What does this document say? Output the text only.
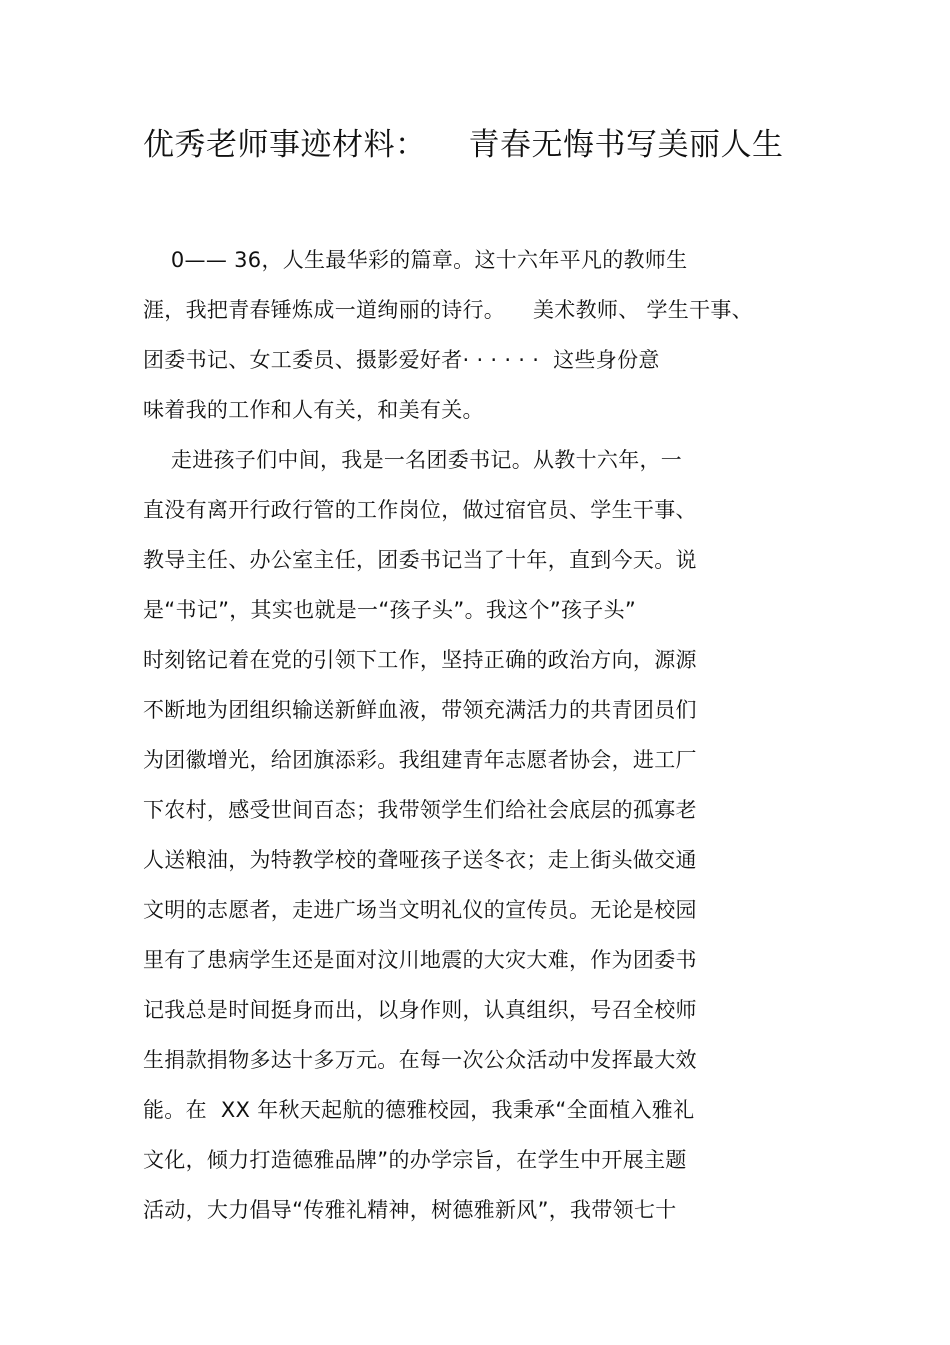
优秀老师事迹材料： 青春无悔书写美丽人生
0—— 36，人生最华彩的篇章。这十六年平凡的教师生
涯，我把青春锤炼成一道绚丽的诗行。    美术教师、 学生干事、
团委书记、女工委员、摄影爱好者· · · · · ·  这些身份意
味着我的工作和人有关，和美有关。
走进孩子们中间，我是一名团委书记。从教十六年，一
直没有离开行政行管的工作岗位，做过宿官员、学生干事、
教导主任、办公室主任，团委书记当了十年，直到今天。说
是“书记”，其实也就是一“孩子头”。我这个”孩子头”
时刻铭记着在党的引领下工作，坚持正确的政治方向，源源
不断地为团组织输送新鲜血液，带领充满活力的共青团员们
为团徽增光，给团旗添彩。我组建青年志愿者协会，进工厂
下农村，感受世间百态；我带领学生们给社会底层的孤寡老
人送粮油，为特教学校的聋哑孩子送冬衣；走上街头做交通
文明的志愿者，走进广场当文明礼仪的宣传员。无论是校园
里有了患病学生还是面对汶川地震的大灾大难，作为团委书
记我总是时间挺身而出，以身作则，认真组织，号召全校师
生捐款捐物多达十多万元。在每一次公众活动中发挥最大效
能。在  XX 年秋天起航的德雅校园，我秉承“全面植入雅礼
文化，倾力打造德雅品牌”的办学宗旨，在学生中开展主题
活动，大力倡导“传雅礼精神，树德雅新风”，我带领七十
